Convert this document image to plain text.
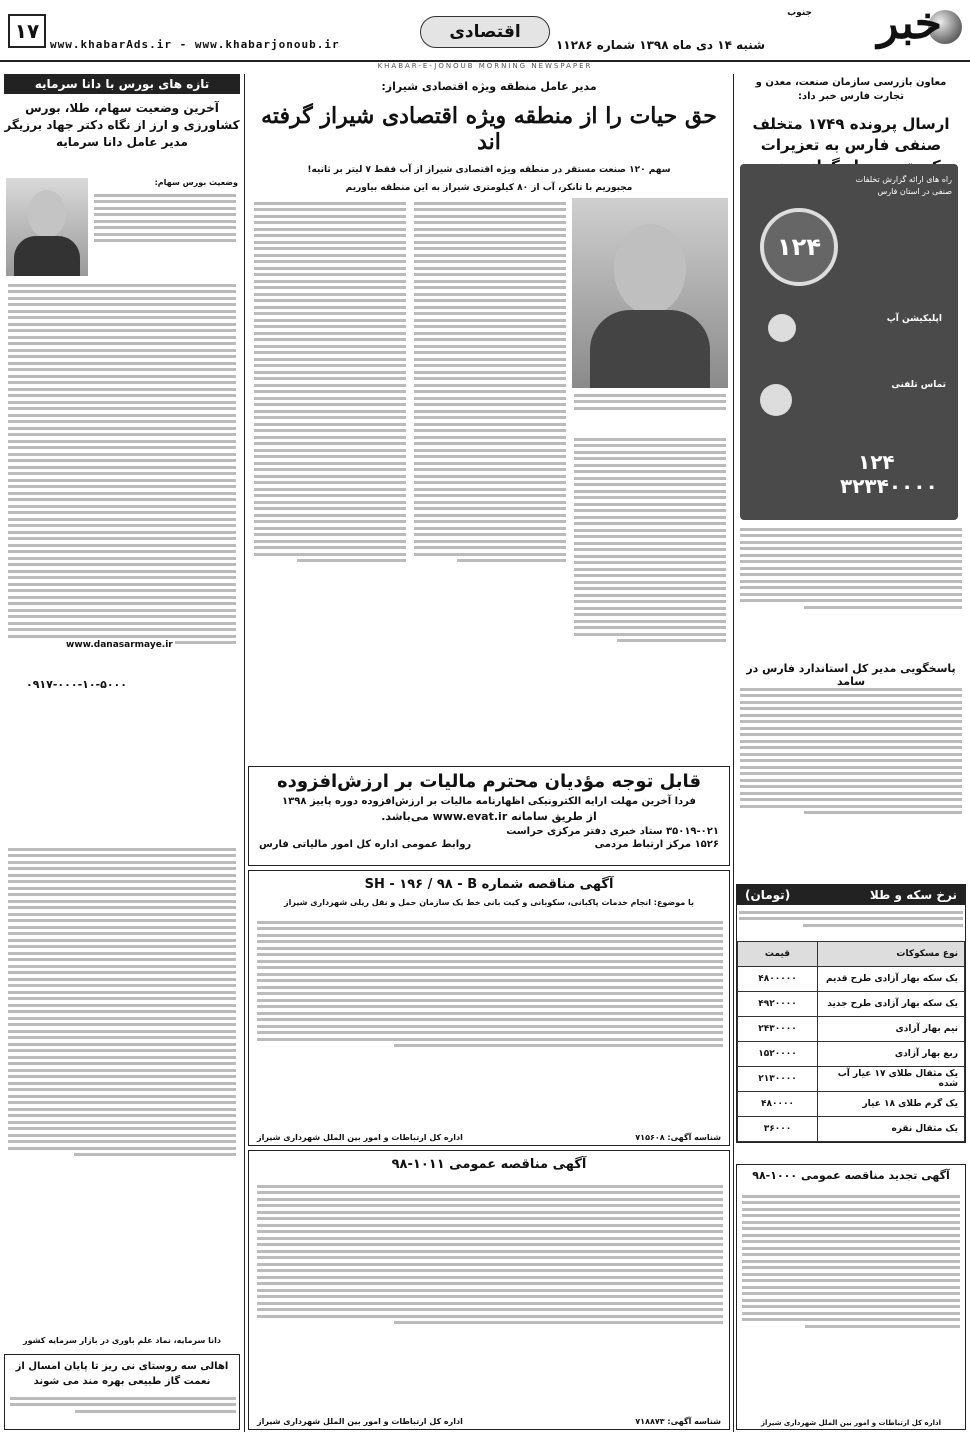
خبر
جنوب
شنبه ۱۴ دی ماه ۱۳۹۸ شماره ۱۱۲۸۶
اقتصادی
www.khabarAds.ir - www.khabarjonoub.ir
۱۷
KHABAR-E-JONOUB MORNING NEWSPAPER
معاون بازرسی سازمان صنعت، معدن و تجارت فارس خبر داد:
ارسال پرونده ۱۷۴۹ متخلف صنفی فارس به تعزیرات
۱۲۴
راه های ارائه گزارش تخلفات صنفی در استان فارس
اپلیکیشن آپ
تماس تلفنی
۱۲۴
۳۲۳۴۰۰۰۰
پاسخگویی مدیر کل استاندارد فارس در سامد
نرخ سکه و طلا
(تومان)
نوع مسکوکات	قیمت
یک سکه بهار آزادی طرح قدیم	۴۸۰۰۰۰۰
یک سکه بهار آزادی طرح جدید	۴۹۲۰۰۰۰
نیم بهار آزادی	۲۴۳۰۰۰۰
ربع بهار آزادی	۱۵۲۰۰۰۰
یک مثقال طلای ۱۷ عیار آب شده	۲۱۳۰۰۰۰
یک گرم طلای ۱۸ عیار	۴۸۰۰۰۰
یک مثقال نقره	۳۶۰۰۰
آگهی تجدید مناقصه عمومی ۱۰۰۰-۹۸
اداره کل ارتباطات و امور بین الملل شهرداری شیراز
مدیر عامل منطقه ویژه اقتصادی شیراز:
حق حیات را از منطقه ویژه اقتصادی شیراز گرفته اند
سهم ۱۲۰ صنعت مستقر در منطقه ویژه اقتصادی شیراز از آب فقط ۷ لیتر بر ثانیه!
مجبوریم با تانکر، آب از ۸۰ کیلومتری شیراز به این منطقه بیاوریم
قابل توجه مؤدیان محترم مالیات بر ارزش‌افزوده
فردا آخرین مهلت ارایه الکترونیکی اظهارنامه مالیات بر ارزش‌افزوده دوره پاییز ۱۳۹۸
از طریق سامانه www.evat.ir می‌باشد.
۳۵۰۱۹-۰۲۱ ستاد خبری دفتر مرکزی حراست
۱۵۲۶ مرکز ارتباط مردمی
روابط عمومی اداره کل امور مالیاتی فارس
آگهی مناقصه شماره SH - ۱۹۶ / ۹۸ - B
با موضوع: انجام خدمات پاکبانی، سکوبانی و کیت بانی خط یک سازمان حمل و نقل ریلی شهرداری شیراز
شناسه آگهی: ۷۱۵۶۰۸
اداره کل ارتباطات و امور بین الملل شهرداری شیراز
آگهی مناقصه عمومی ۱۰۱۱-۹۸
شناسه آگهی: ۷۱۸۸۷۳
اداره کل ارتباطات و امور بین الملل شهرداری شیراز
تازه های بورس با دانا سرمایه
آخرین وضعیت سهام، طلا، بورس کشاورزی و ارز از نگاه دکتر جهاد برزیگر مدیر عامل دانا سرمایه
وضعیت بورس سهام:
www.danasarmaye.ir
۰۹۱۷-۰۰۰-۱۰-۵۰۰۰
دانا سرمایه، نماد علم باوری در بازار سرمایه کشور
اهالی سه روستای نی ریز تا پایان امسال از نعمت گاز طبیعی بهره مند می شوند
